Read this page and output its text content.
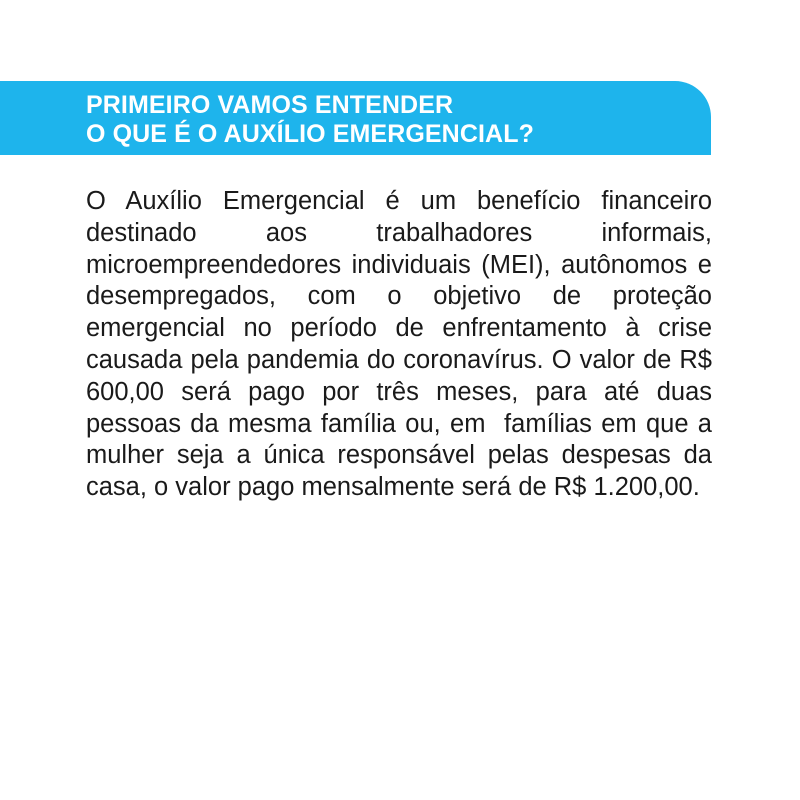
PRIMEIRO VAMOS ENTENDER
O QUE É O AUXÍLIO EMERGENCIAL?

O Auxílio Emergencial é um benefício financeiro destinado aos trabalhadores informais, microempreendedores individuais (MEI), autônomos e desempregados, com o objetivo de proteção emergencial no período de enfrentamento à crise causada pela pandemia do coronavírus. O valor de R$ 600,00 será pago por três meses, para até duas pessoas da mesma família ou, em  famílias em que a mulher seja a única responsável pelas despesas da casa, o valor pago mensalmente será de R$ 1.200,00.
